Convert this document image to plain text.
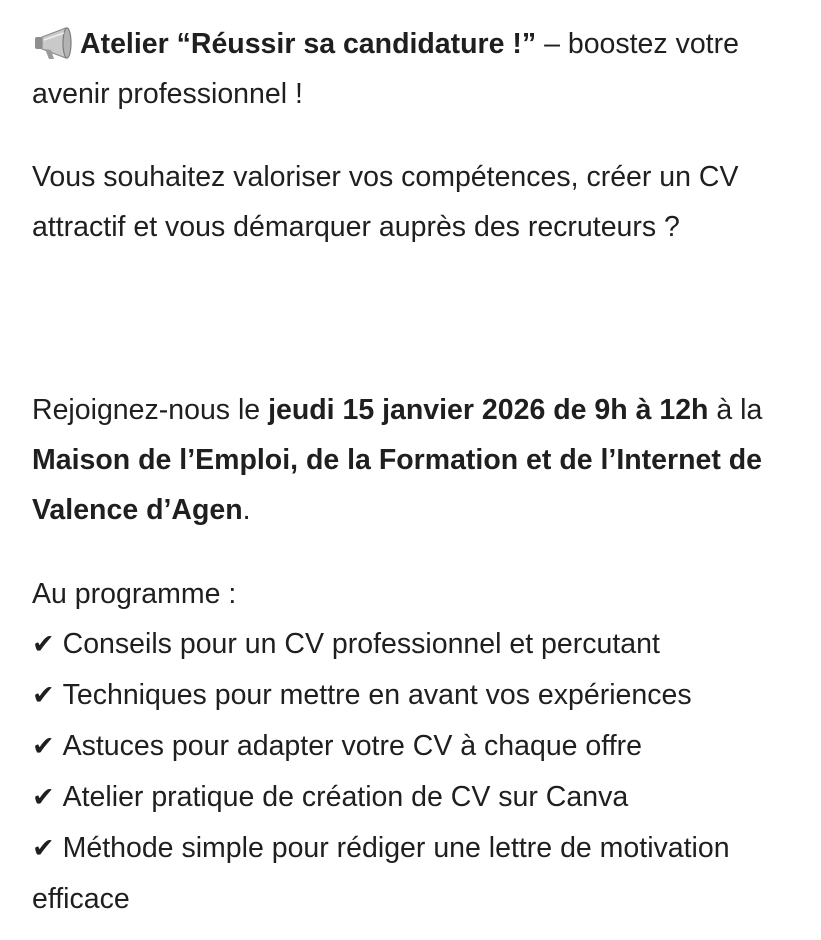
Atelier “Réussir sa candidature !” – boostez votre avenir professionnel !

Vous souhaitez valoriser vos compétences, créer un CV attractif et vous démarquer auprès des recruteurs ?

Rejoignez-nous le jeudi 15 janvier 2026 de 9h à 12h à la Maison de l’Emploi, de la Formation et de l’Internet de Valence d’Agen.

Au programme :
✔ Conseils pour un CV professionnel et percutant
✔ Techniques pour mettre en avant vos expériences
✔ Astuces pour adapter votre CV à chaque offre
✔ Atelier pratique de création de CV sur Canva
✔ Méthode simple pour rédiger une lettre de motivation efficace
